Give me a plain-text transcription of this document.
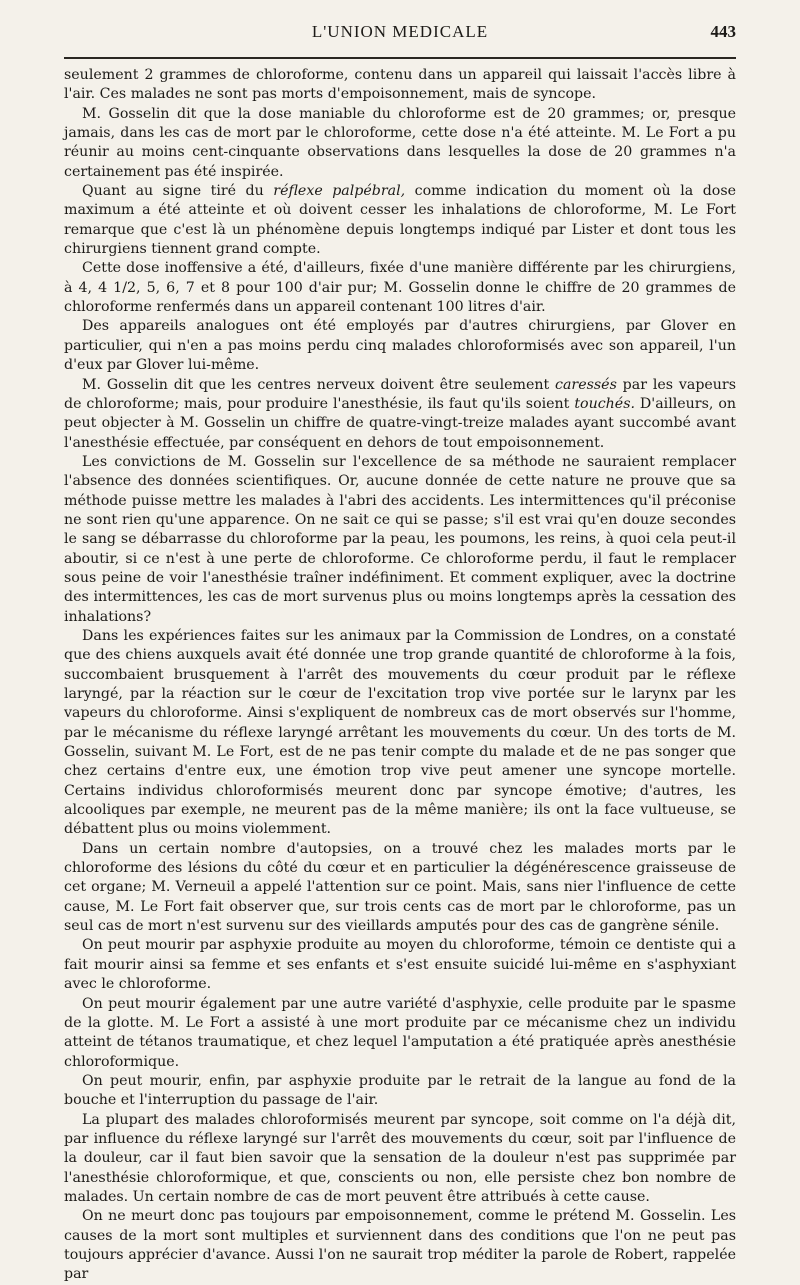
L'UNION MEDICALE	443

seulement 2 grammes de chloroforme, contenu dans un appareil qui laissait l'accès libre à l'air. Ces malades ne sont pas morts d'empoisonnement, mais de syncope.

M. Gosselin dit que la dose maniable du chloroforme est de 20 grammes; or, presque jamais, dans les cas de mort par le chloroforme, cette dose n'a été atteinte. M. Le Fort a pu réunir au moins cent-cinquante observations dans lesquelles la dose de 20 grammes n'a certainement pas été inspirée.

Quant au signe tiré du réflexe palpébral, comme indication du moment où la dose maximum a été atteinte et où doivent cesser les inhalations de chloroforme, M. Le Fort remarque que c'est là un phénomène depuis longtemps indiqué par Lister et dont tous les chirurgiens tiennent grand compte.

Cette dose inoffensive a été, d'ailleurs, fixée d'une manière différente par les chirurgiens, à 4, 4 1/2, 5, 6, 7 et 8 pour 100 d'air pur; M. Gosselin donne le chiffre de 20 grammes de chloroforme renfermés dans un appareil contenant 100 litres d'air.

Des appareils analogues ont été employés par d'autres chirurgiens, par Glover en particulier, qui n'en a pas moins perdu cinq malades chloroformisés avec son appareil, l'un d'eux par Glover lui-même.

M. Gosselin dit que les centres nerveux doivent être seulement caressés par les vapeurs de chloroforme; mais, pour produire l'anesthésie, ils faut qu'ils soient touchés. D'ailleurs, on peut objecter à M. Gosselin un chiffre de quatre-vingt-treize malades ayant succombé avant l'anesthésie effectuée, par conséquent en dehors de tout empoisonnement.

Les convictions de M. Gosselin sur l'excellence de sa méthode ne sauraient remplacer l'absence des données scientifiques. Or, aucune donnée de cette nature ne prouve que sa méthode puisse mettre les malades à l'abri des accidents. Les intermittences qu'il préconise ne sont rien qu'une apparence. On ne sait ce qui se passe; s'il est vrai qu'en douze secondes le sang se débarrasse du chloroforme par la peau, les poumons, les reins, à quoi cela peut-il aboutir, si ce n'est à une perte de chloroforme. Ce chloroforme perdu, il faut le remplacer sous peine de voir l'anesthésie traîner indéfiniment. Et comment expliquer, avec la doctrine des intermittences, les cas de mort survenus plus ou moins longtemps après la cessation des inhalations?

Dans les expériences faites sur les animaux par la Commission de Londres, on a constaté que des chiens auxquels avait été donnée une trop grande quantité de chloroforme à la fois, succombaient brusquement à l'arrêt des mouvements du cœur produit par le réflexe laryngé, par la réaction sur le cœur de l'excitation trop vive portée sur le larynx par les vapeurs du chloroforme. Ainsi s'expliquent de nombreux cas de mort observés sur l'homme, par le mécanisme du réflexe laryngé arrêtant les mouvements du cœur. Un des torts de M. Gosselin, suivant M. Le Fort, est de ne pas tenir compte du malade et de ne pas songer que chez certains d'entre eux, une émotion trop vive peut amener une syncope mortelle. Certains individus chloroformisés meurent donc par syncope émotive; d'autres, les alcooliques par exemple, ne meurent pas de la même manière; ils ont la face vultueuse, se débattent plus ou moins violemment.

Dans un certain nombre d'autopsies, on a trouvé chez les malades morts par le chloroforme des lésions du côté du cœur et en particulier la dégénérescence graisseuse de cet organe; M. Verneuil a appelé l'attention sur ce point. Mais, sans nier l'influence de cette cause, M. Le Fort fait observer que, sur trois cents cas de mort par le chloroforme, pas un seul cas de mort n'est survenu sur des vieillards amputés pour des cas de gangrène sénile.

On peut mourir par asphyxie produite au moyen du chloroforme, témoin ce dentiste qui a fait mourir ainsi sa femme et ses enfants et s'est ensuite suicidé lui-même en s'asphyxiant avec le chloroforme.

On peut mourir également par une autre variété d'asphyxie, celle produite par le spasme de la glotte. M. Le Fort a assisté à une mort produite par ce mécanisme chez un individu atteint de tétanos traumatique, et chez lequel l'amputation a été pratiquée après anesthésie chloroformique.

On peut mourir, enfin, par asphyxie produite par le retrait de la langue au fond de la bouche et l'interruption du passage de l'air.

La plupart des malades chloroformisés meurent par syncope, soit comme on l'a déjà dit, par influence du réflexe laryngé sur l'arrêt des mouvements du cœur, soit par l'influence de la douleur, car il faut bien savoir que la sensation de la douleur n'est pas supprimée par l'anesthésie chloroformique, et que, conscients ou non, elle persiste chez bon nombre de malades. Un certain nombre de cas de mort peuvent être attribués à cette cause.

On ne meurt donc pas toujours par empoisonnement, comme le prétend M. Gosselin. Les causes de la mort sont multiples et surviennent dans des conditions que l'on ne peut pas toujours apprécier d'avance. Aussi l'on ne saurait trop méditer la parole de Robert, rappelée par
